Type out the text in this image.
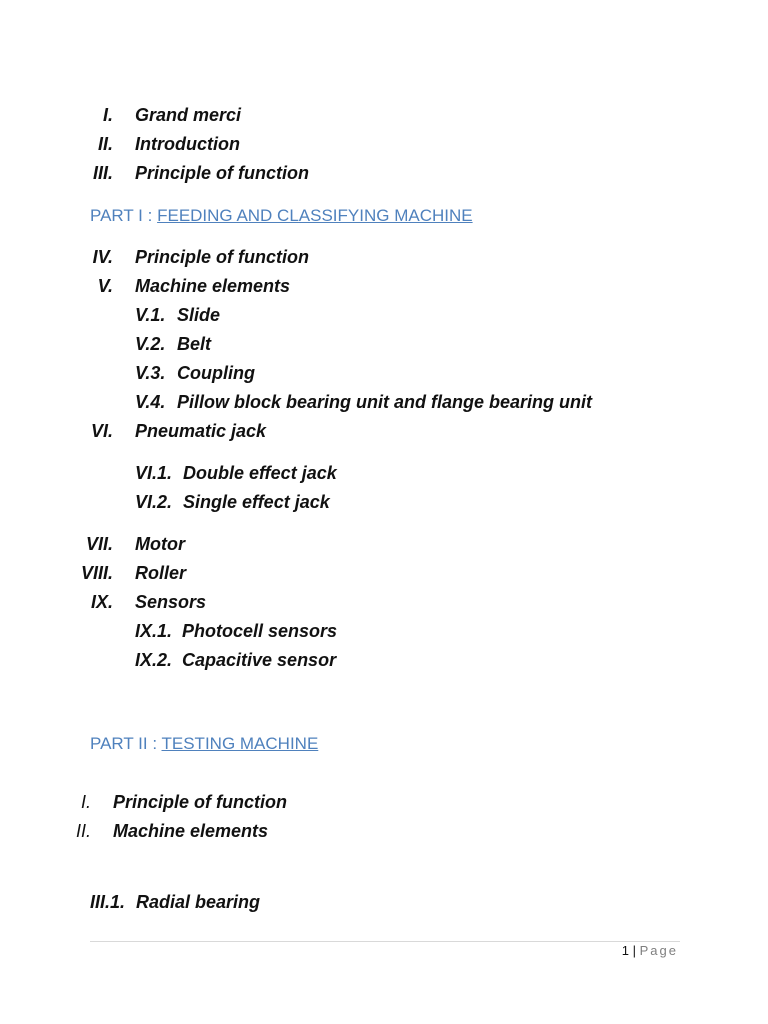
I. Grand merci
II. Introduction
III. Principle of function
PART I : FEEDING AND CLASSIFYING MACHINE
IV. Principle of function
V. Machine elements
V.1. Slide
V.2. Belt
V.3. Coupling
V.4. Pillow block bearing unit and flange bearing unit
VI. Pneumatic jack
VI.1. Double effect jack
VI.2. Single effect jack
VII. Motor
VIII. Roller
IX. Sensors
IX.1. Photocell sensors
IX.2. Capacitive sensor
PART II : TESTING MACHINE
I. Principle of function
II. Machine elements
III.1. Radial bearing
1 | Page
